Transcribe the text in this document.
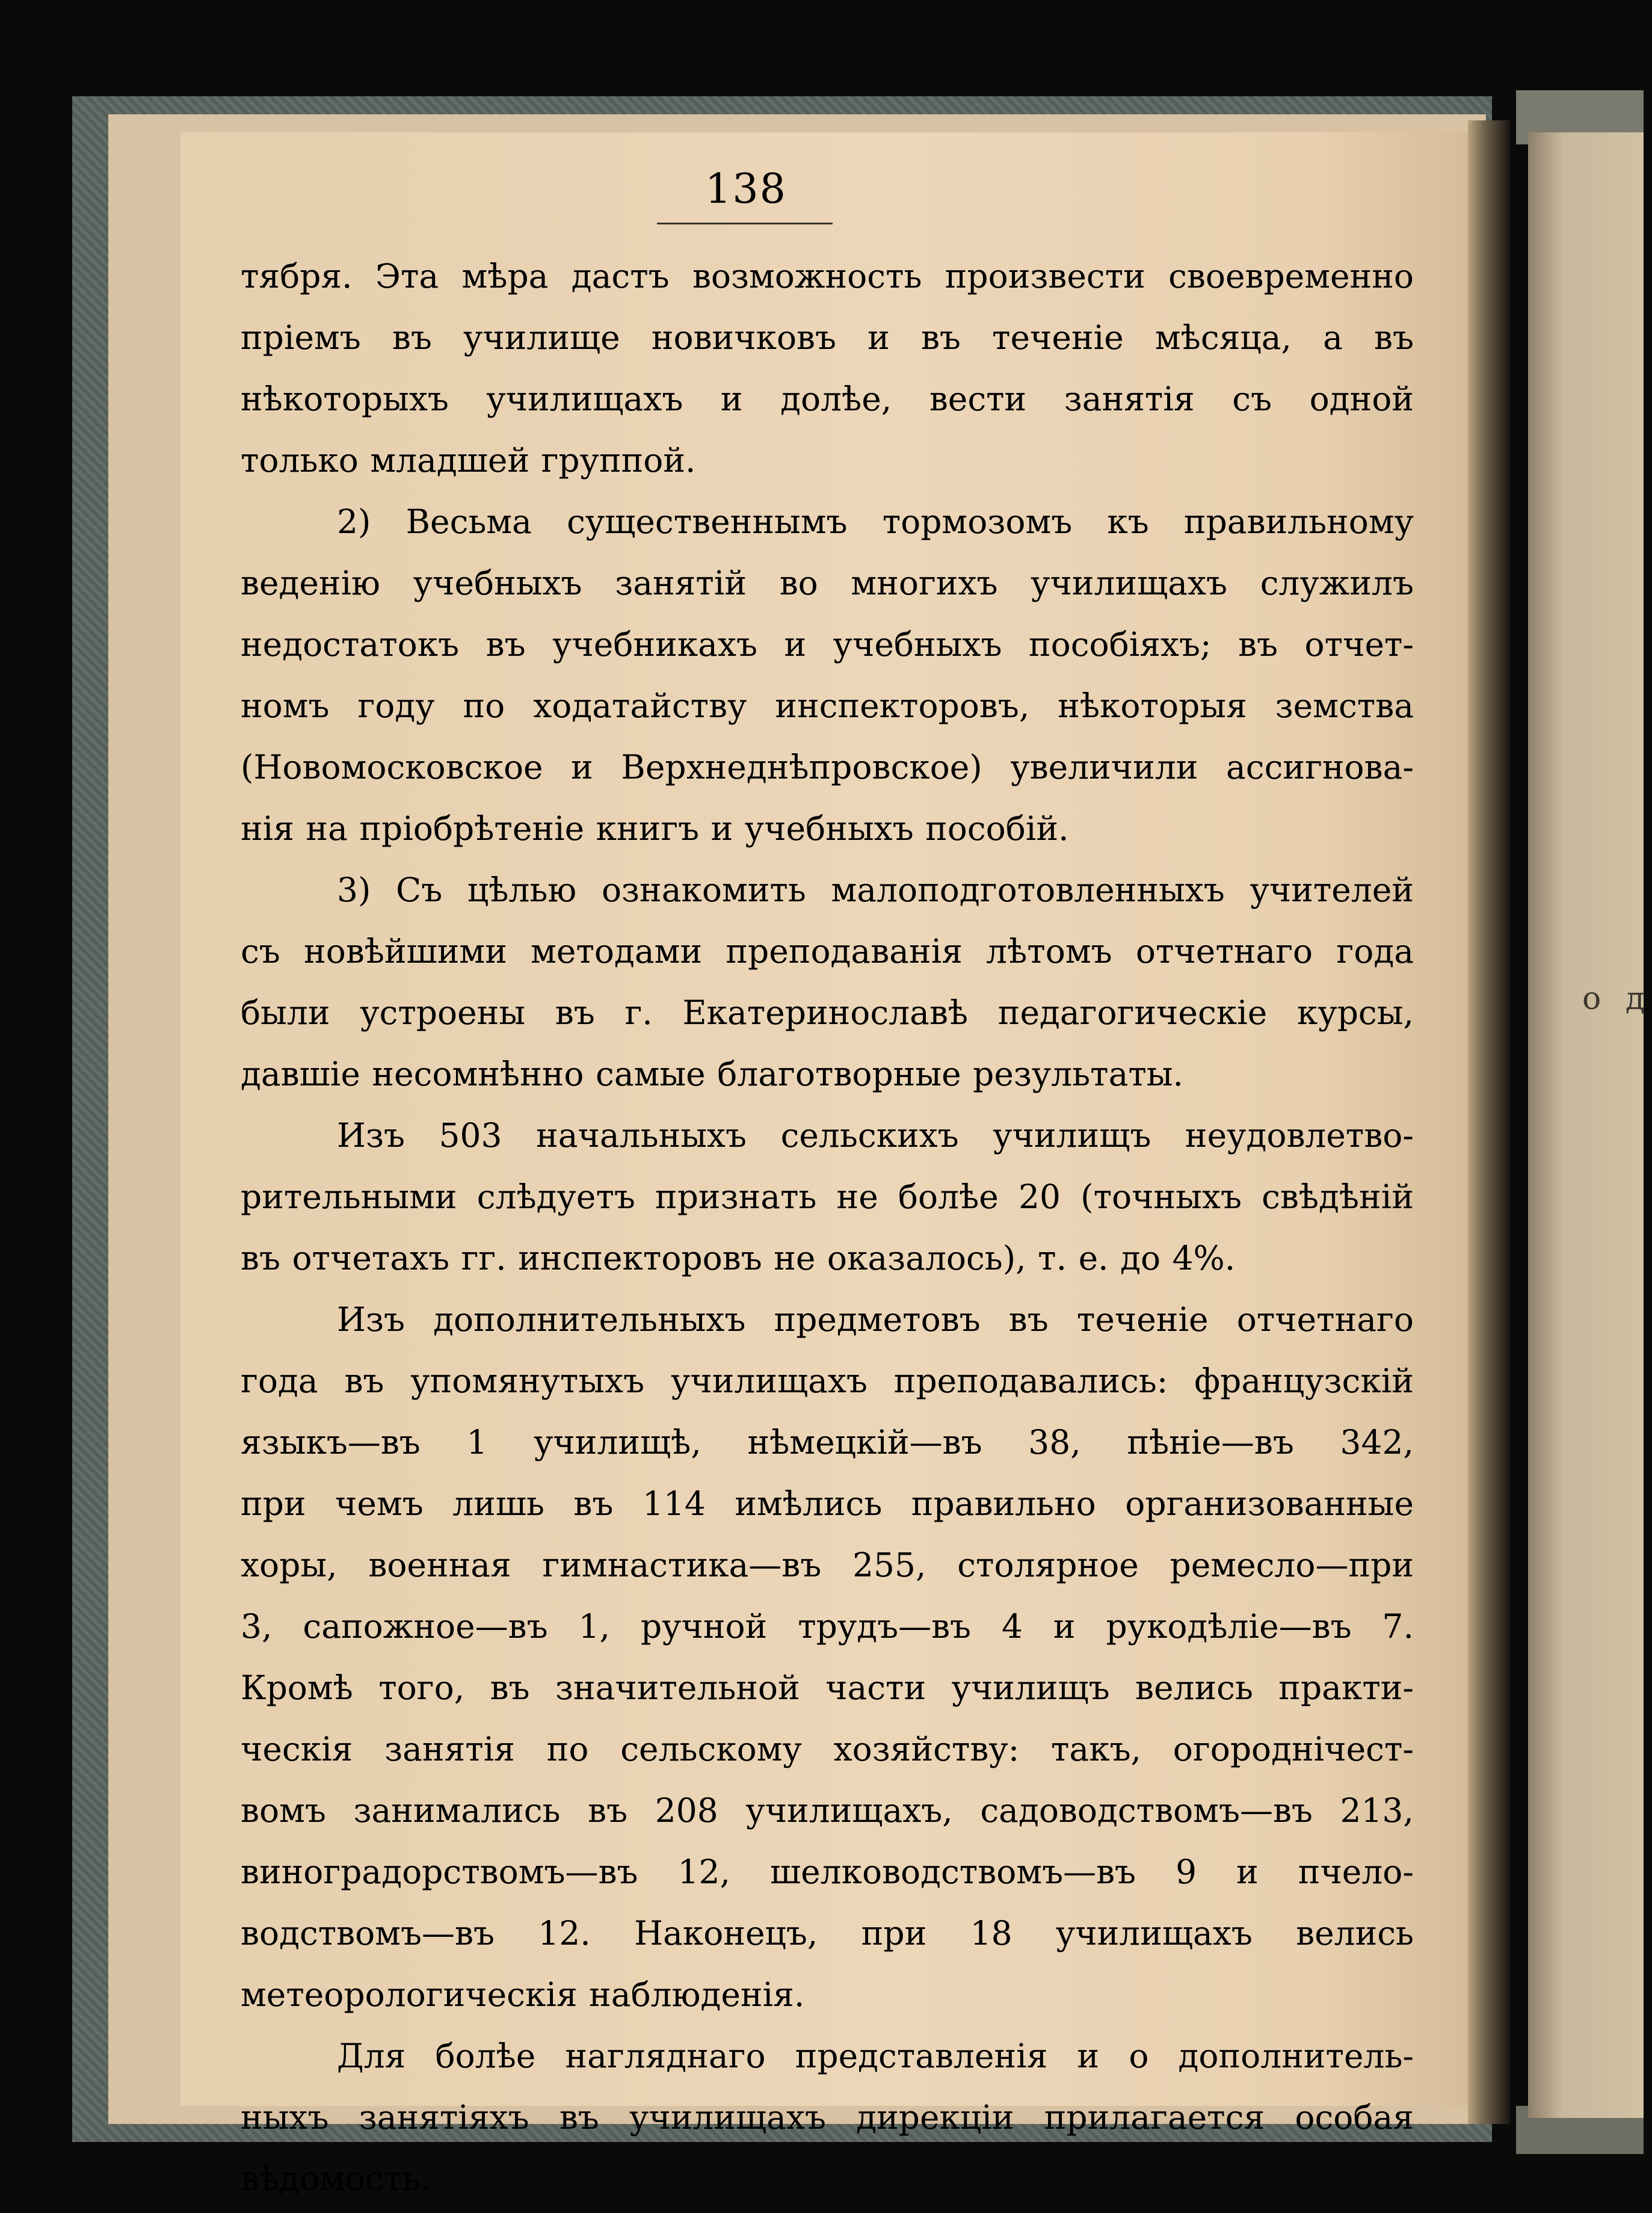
о д
138
тября. Эта мѣра дастъ возможность произвести своевременно
пріемъ въ училище новичковъ и въ теченіе мѣсяца, а въ
нѣкоторыхъ училищахъ и долѣе, вести занятія съ одной
только младшей группой.
2) Весьма существеннымъ тормозомъ къ правильному
веденію учебныхъ занятій во многихъ училищахъ служилъ
недостатокъ въ учебникахъ и учебныхъ пособіяхъ; въ отчет-
номъ году по ходатайству инспекторовъ, нѣкоторыя земства
(Новомосковское и Верхнеднѣпровское) увеличили ассигнова-
нія на пріобрѣтеніе книгъ и учебныхъ пособій.
3) Съ цѣлью ознакомить малоподготовленныхъ учителей
съ новѣйшими методами преподаванія лѣтомъ отчетнаго года
были устроены въ г. Екатеринославѣ педагогическіе курсы,
давшіе несомнѣнно самые благотворные результаты.
Изъ 503 начальныхъ сельскихъ училищъ неудовлетво-
рительными слѣдуетъ признать не болѣе 20 (точныхъ свѣдѣній
въ отчетахъ гг. инспекторовъ не оказалось), т. е. до 4%.
Изъ дополнительныхъ предметовъ въ теченіе отчетнаго
года въ упомянутыхъ училищахъ преподавались: французскій
языкъ—въ 1 училищѣ, нѣмецкій—въ 38, пѣніе—въ 342,
при чемъ лишь въ 114 имѣлись правильно организованные
хоры, военная гимнастика—въ 255, столярное ремесло—при
3, сапожное—въ 1, ручной трудъ—въ 4 и рукодѣліе—въ 7.
Кромѣ того, въ значительной части училищъ велись практи-
ческія занятія по сельскому хозяйству: такъ, огороднічест-
вомъ занимались въ 208 училищахъ, садоводствомъ—въ 213,
виноградорствомъ—въ 12, шелководствомъ—въ 9 и пчело-
водствомъ—въ 12. Наконецъ, при 18 училищахъ велись
метеорологическія наблюденія.
Для болѣе нагляднаго представленія и о дополнитель-
ныхъ занятіяхъ въ училищахъ дирекціи прилагается особая
вѣдомость.
